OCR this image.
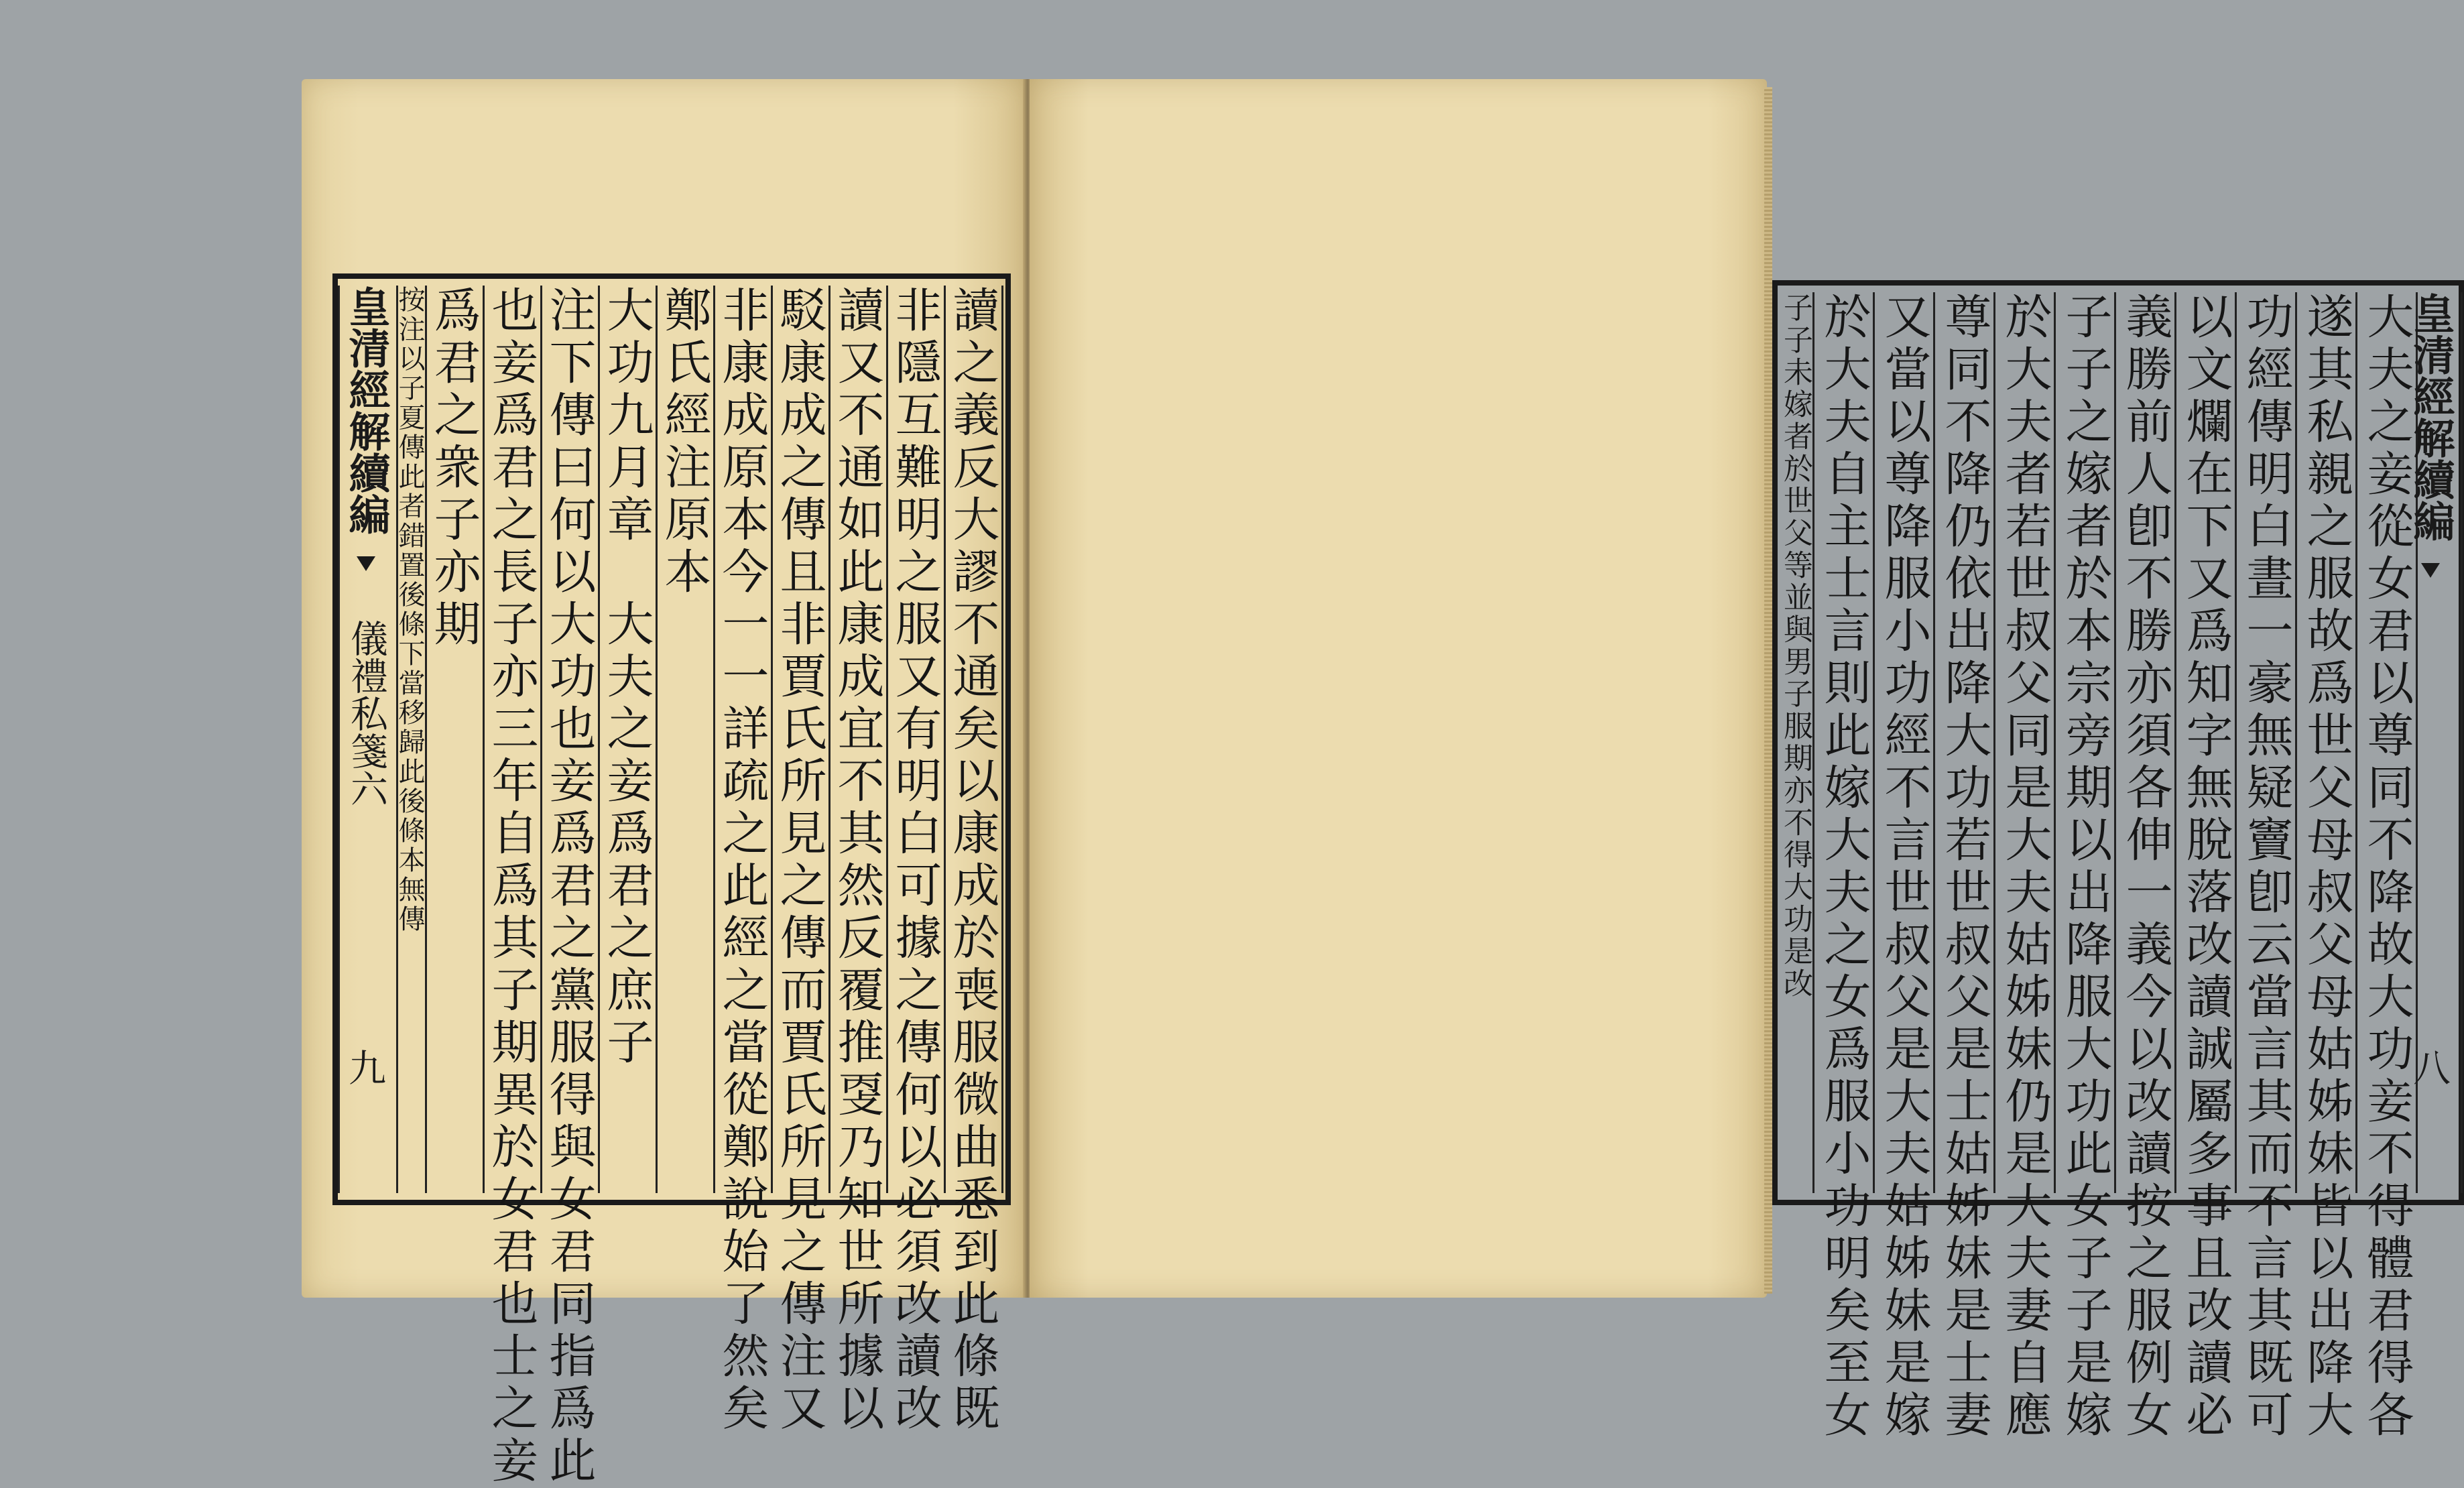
皇清經解續編  儀禮私箋六
九	讀之義反大謬不通矣以康成於喪服微曲悉到此條既
非隱互難明之服又有明白可據之傳何以必須改讀改
讀又不通如此康成宜不其然反覆推㪅乃知世所據以
駁康成之傳且非賈氏所見之傳而賈氏所見之傳注又
非康成原本今一一詳疏之此經之當從鄭說始了然矣
鄭氏經注原本
大功九月章　大夫之妾爲君之庶子
注下傳曰何以大功也妾爲君之黨服得與女君同指爲此
也妾爲君之長子亦三年自爲其子期異於女君也士之妾
爲君之衆子亦期
按注以子夏傳此者錯置後條下當移歸此後條本無傳	大夫之妾從女君以尊同不降故大功妾不得體君得各
遂其私親之服故爲世父母叔父母姑姊妹皆以出降大
功經傳明白晝一豪無疑竇卽云當言其而不言其既可
以文爛在下又爲知字無脫落改讀誠屬多事且改讀必
義勝前人卽不勝亦須各伸一義今以改讀按之服例女
子子之嫁者於本宗旁期以出降服大功此女子子是嫁
於大夫者若世叔父同是大夫姑姊妹仍是大夫妻自應
尊同不降仍依出降大功若世叔父是士姑姊妹是士妻
又當以尊降服小功經不言世叔父是大夫姑姊妹是嫁
於大夫自主士言則此嫁大夫之女爲服小功明矣至女
子子未嫁者於世父等並與男子服期亦不得大功是改	皇清經解續編
八
